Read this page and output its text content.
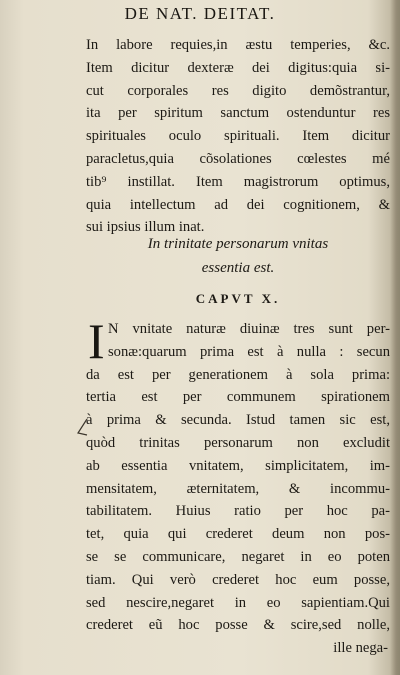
DE NAT. DEITAT.
In labore requies,in æstu temperies, &c.
Item dicitur dexteræ dei digitus:quia si-
cut corporales res digito demõstrantur,
ita per spiritum sanctum ostenduntur res
spirituales oculo spirituali. Item dicitur
paracletus,quia cõsolationes cœlestes mé
tib⁹ instillat. Item magistrorum optimus,
quia intellectum ad dei cognitionem, &
sui ipsius illum inat.
In trinitate personarum vnitas
essentia est.
CAPVT X.
I N vnitate naturæ diuinæ tres sunt per-
sonæ:quarum prima est à nulla : secun
da est per generationem à sola prima:
tertia est per communem spirationem
à prima & secunda. Istud tamen sic est,
quòd trinitas personarum non excludit
ab essentia vnitatem, simplicitatem, im-
mensitatem, æternitatem, & incommu-
tabilitatem. Huius ratio per hoc pa-
tet, quia qui crederet deum non pos-
se se communicare, negaret in eo poten
tiam. Qui verò crederet hoc eum posse,
sed nescire,negaret in eo sapientiam.Qui
crederet eũ hoc posse & scire,sed nolle,
ille nega-
